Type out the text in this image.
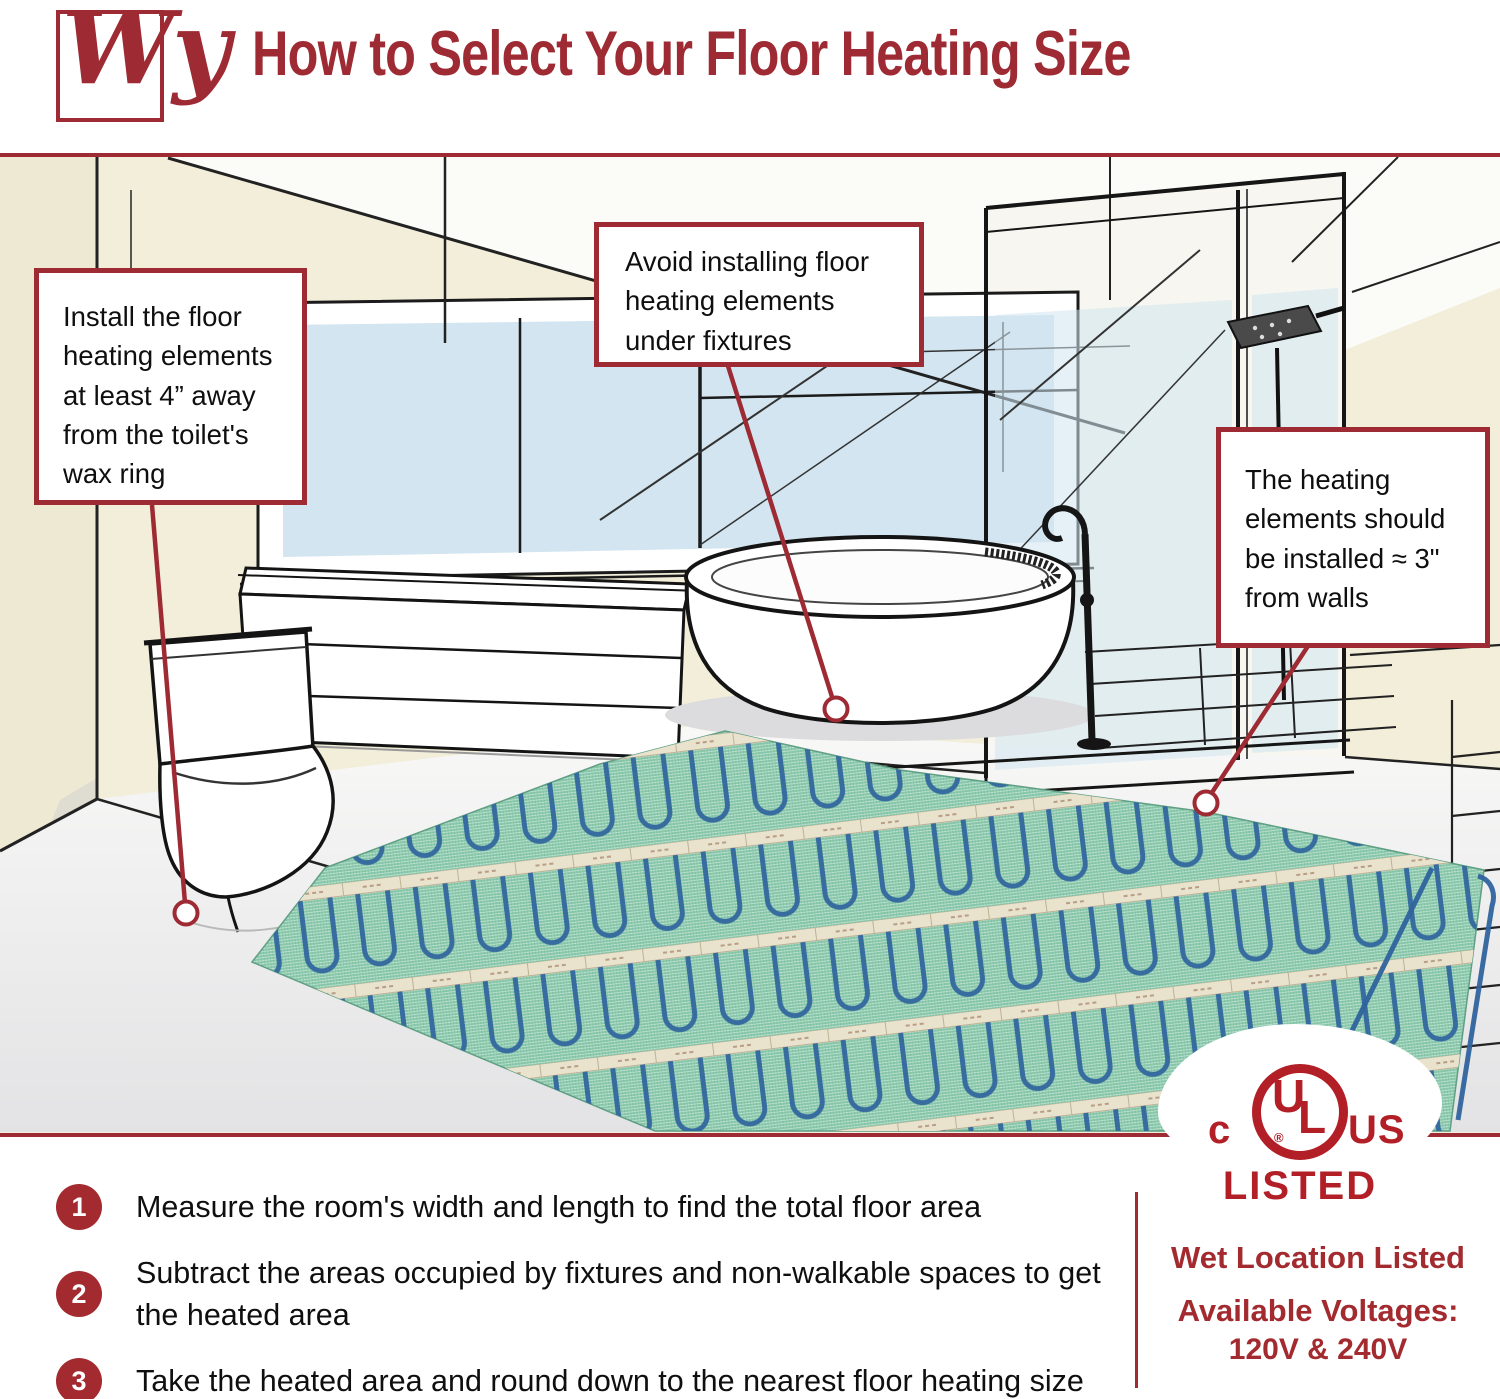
Wy How to Select Your Floor Heating Size
Install the floor heating elements at least 4” away from the toilet's wax ring
Avoid installing floor heating elements under fixtures
The heating elements should be installed ≈ 3" from walls
c
U
L
® US
LISTED
1	Measure the room's width and length to find the total floor area
2
Subtract the areas occupied by fixtures and non-walkable spaces to get the heated area
3	Take the heated area and round down to the nearest floor heating size
Wet Location Listed
Available Voltages:
120V & 240V
